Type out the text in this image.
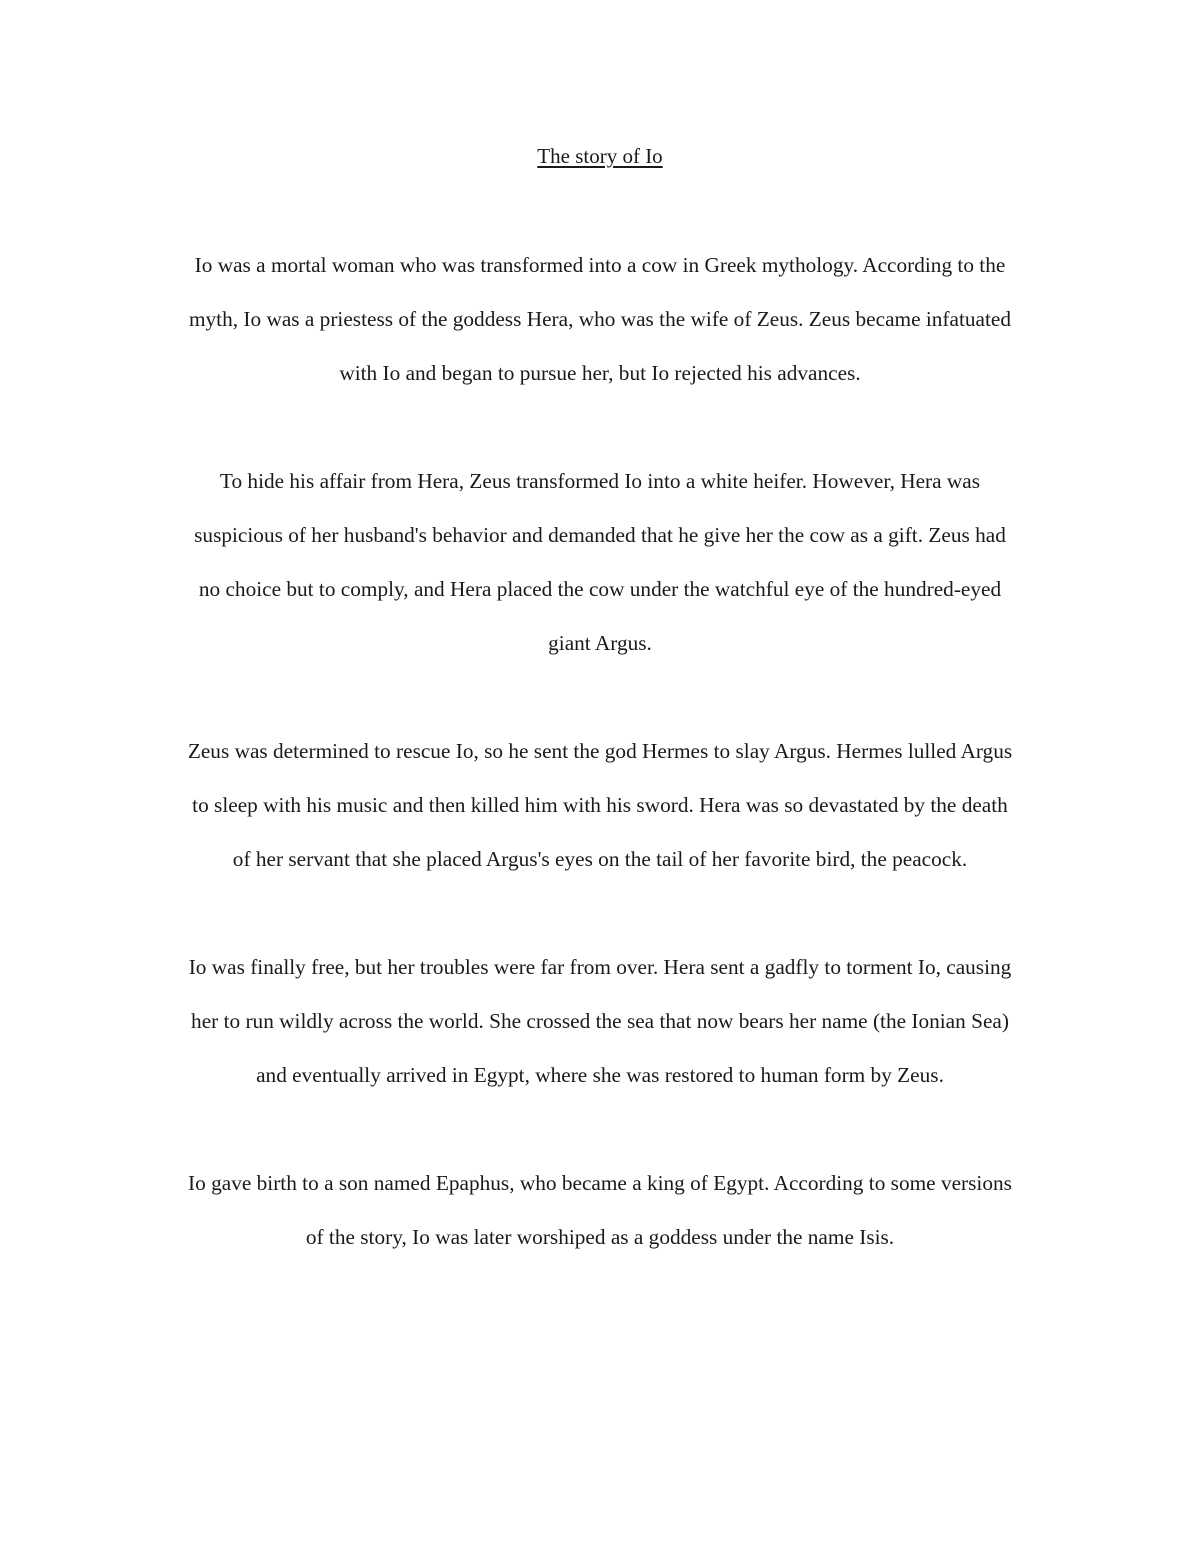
The story of Io

Io was a mortal woman who was transformed into a cow in Greek mythology. According to the
myth, Io was a priestess of the goddess Hera, who was the wife of Zeus. Zeus became infatuated
with Io and began to pursue her, but Io rejected his advances.

To hide his affair from Hera, Zeus transformed Io into a white heifer. However, Hera was
suspicious of her husband's behavior and demanded that he give her the cow as a gift. Zeus had
no choice but to comply, and Hera placed the cow under the watchful eye of the hundred-eyed
giant Argus.

Zeus was determined to rescue Io, so he sent the god Hermes to slay Argus. Hermes lulled Argus
to sleep with his music and then killed him with his sword. Hera was so devastated by the death
of her servant that she placed Argus's eyes on the tail of her favorite bird, the peacock.

Io was finally free, but her troubles were far from over. Hera sent a gadfly to torment Io, causing
her to run wildly across the world. She crossed the sea that now bears her name (the Ionian Sea)
and eventually arrived in Egypt, where she was restored to human form by Zeus.

Io gave birth to a son named Epaphus, who became a king of Egypt. According to some versions
of the story, Io was later worshiped as a goddess under the name Isis.
